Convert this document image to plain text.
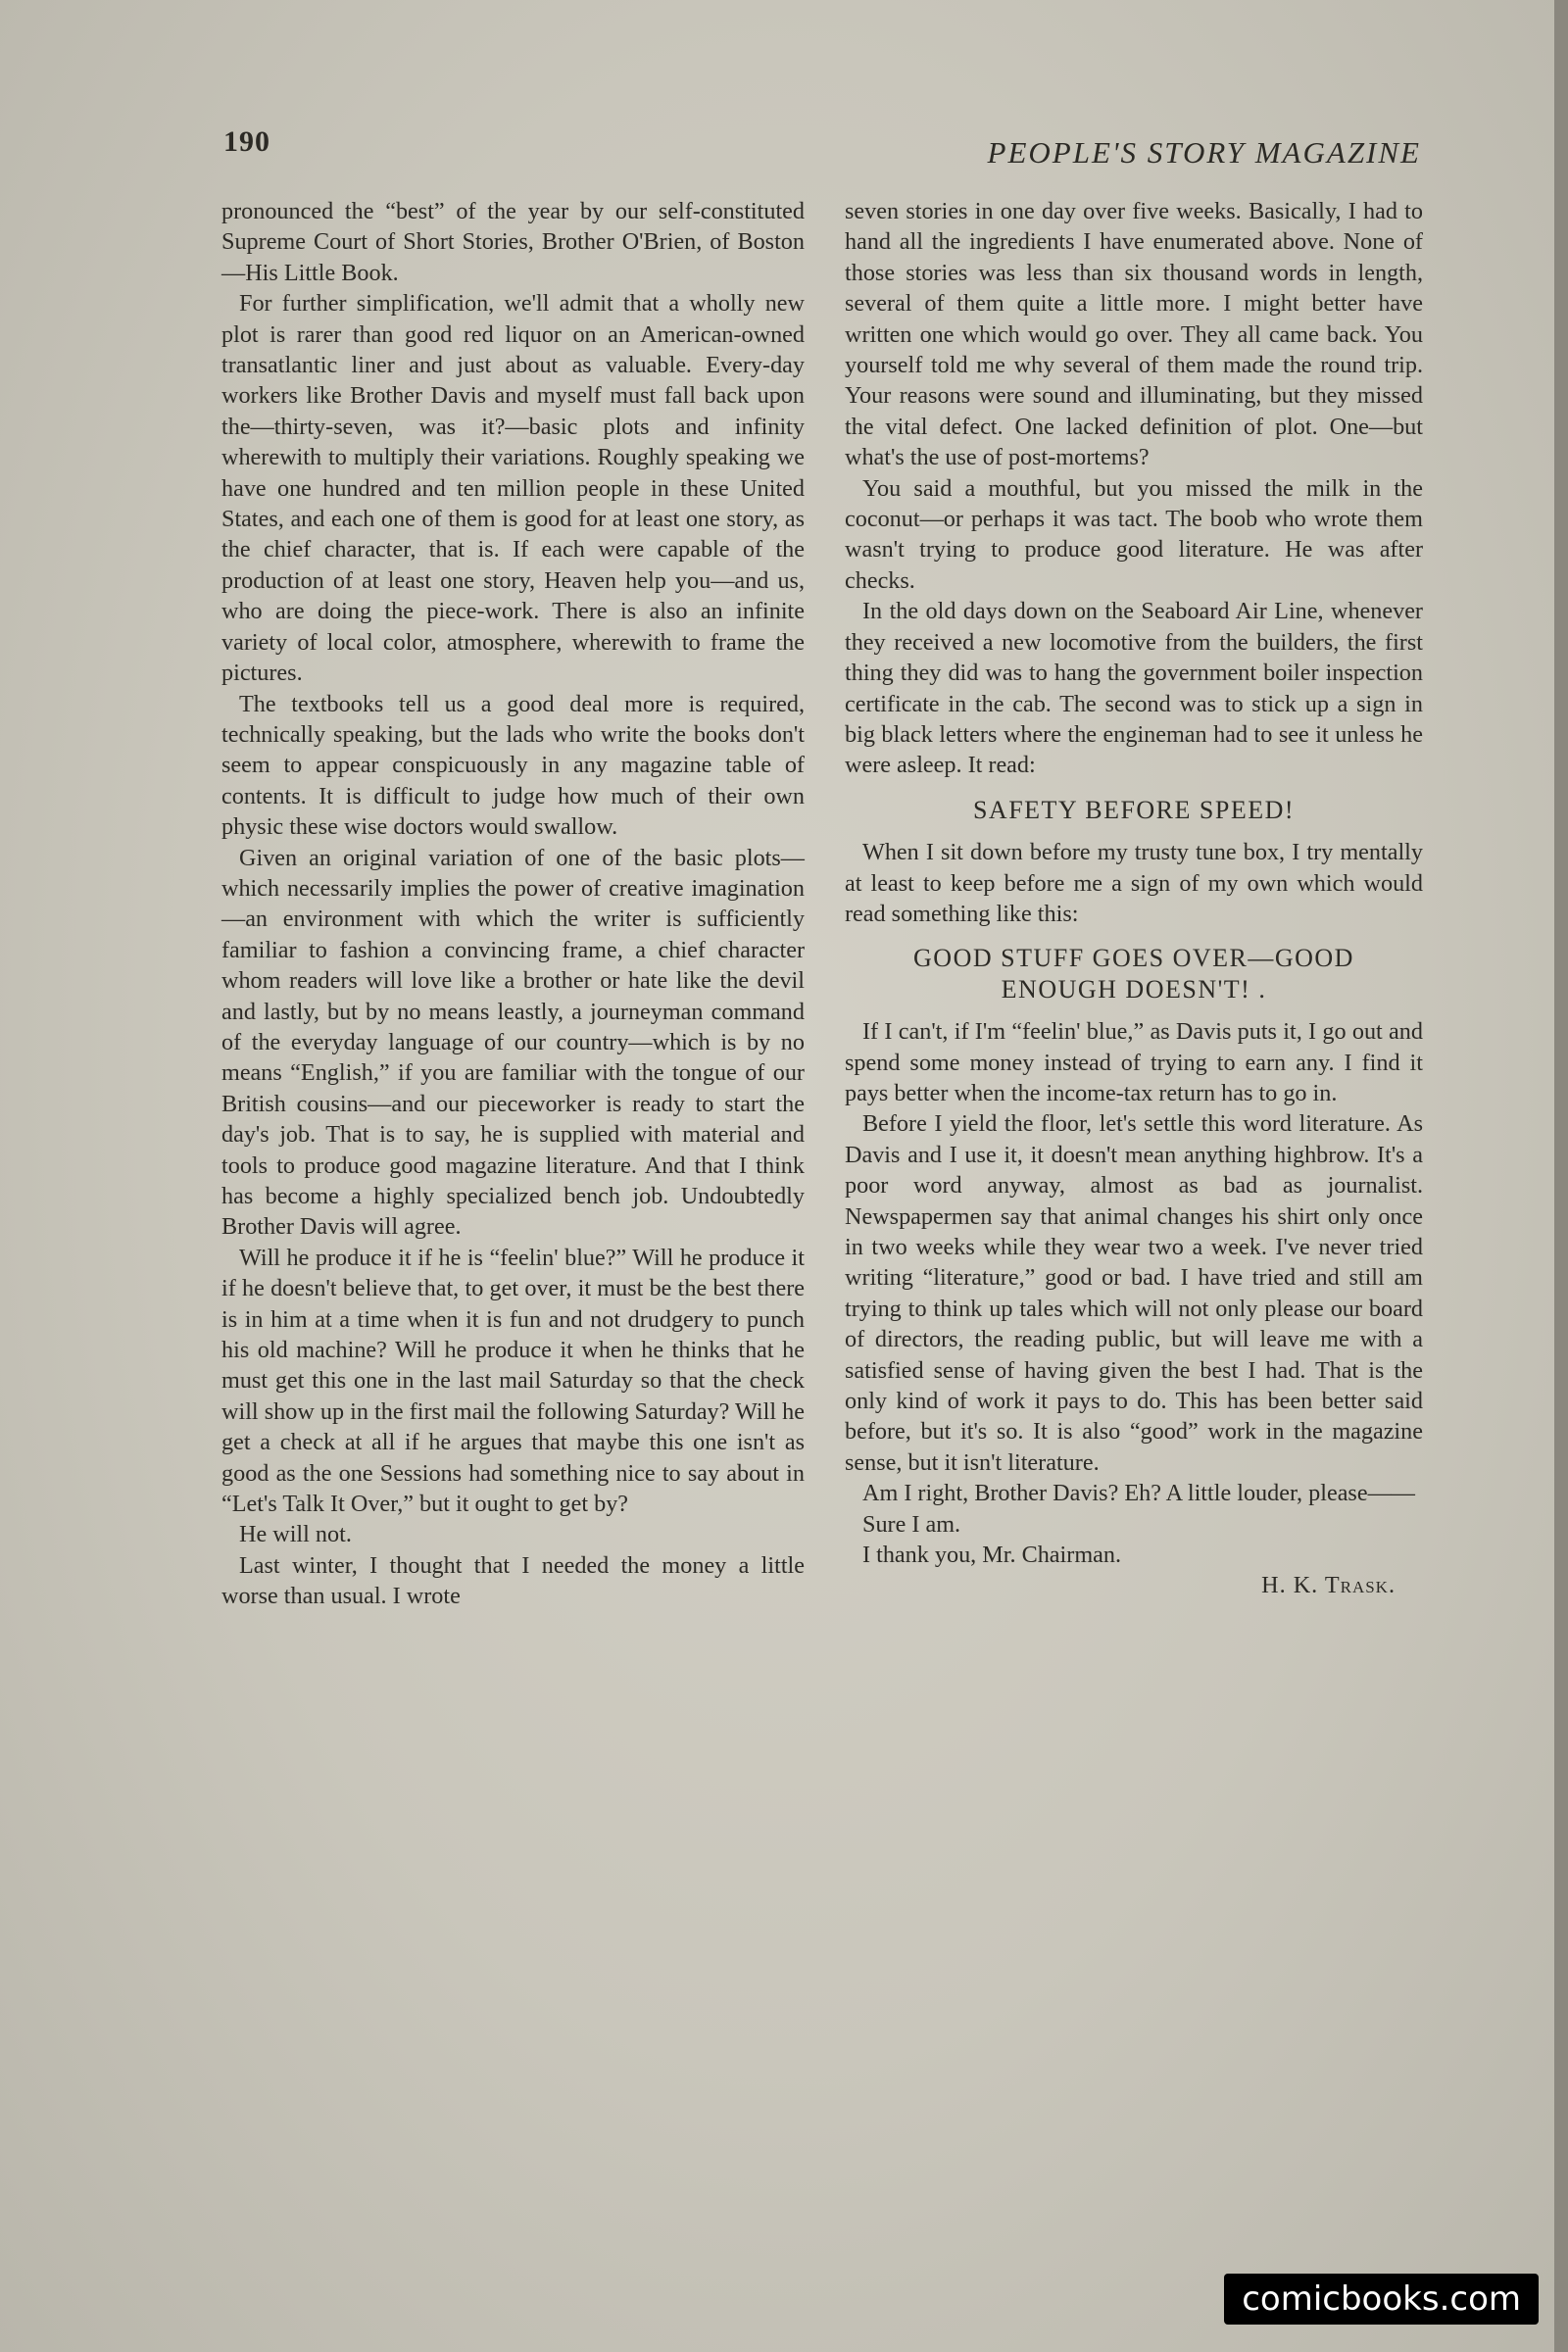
190	PEOPLE'S STORY MAGAZINE

pronounced the “best” of the year by our self-constituted Supreme Court of Short Stories, Brother O'Brien, of Boston—His Little Book.

For further simplification, we'll admit that a wholly new plot is rarer than good red liquor on an American-owned transatlantic liner and just about as valuable. Every-day workers like Brother Davis and myself must fall back upon the—thirty-seven, was it?—basic plots and infinity wherewith to multiply their variations. Roughly speaking we have one hundred and ten million people in these United States, and each one of them is good for at least one story, as the chief character, that is. If each were capable of the production of at least one story, Heaven help you—and us, who are doing the piece-work. There is also an infinite variety of local color, atmosphere, wherewith to frame the pictures.

The textbooks tell us a good deal more is required, technically speaking, but the lads who write the books don't seem to appear conspicuously in any magazine table of contents. It is difficult to judge how much of their own physic these wise doctors would swallow.

Given an original variation of one of the basic plots—which necessarily implies the power of creative imagination—an environment with which the writer is sufficiently familiar to fashion a convincing frame, a chief character whom readers will love like a brother or hate like the devil and lastly, but by no means leastly, a journeyman command of the everyday language of our country—which is by no means “English,” if you are familiar with the tongue of our British cousins—and our pieceworker is ready to start the day's job. That is to say, he is supplied with material and tools to produce good magazine literature. And that I think has become a highly specialized bench job. Undoubtedly Brother Davis will agree.

Will he produce it if he is “feelin' blue?” Will he produce it if he doesn't believe that, to get over, it must be the best there is in him at a time when it is fun and not drudgery to punch his old machine? Will he produce it when he thinks that he must get this one in the last mail Saturday so that the check will show up in the first mail the following Saturday? Will he get a check at all if he argues that maybe this one isn't as good as the one Sessions had something nice to say about in “Let's Talk It Over,” but it ought to get by?

He will not.

Last winter, I thought that I needed the money a little worse than usual. I wrote

seven stories in one day over five weeks. Basically, I had to hand all the ingredients I have enumerated above. None of those stories was less than six thousand words in length, several of them quite a little more. I might better have written one which would go over. They all came back. You yourself told me why several of them made the round trip. Your reasons were sound and illuminating, but they missed the vital defect. One lacked definition of plot. One—but what's the use of post-mortems?

You said a mouthful, but you missed the milk in the coconut—or perhaps it was tact. The boob who wrote them wasn't trying to produce good literature. He was after checks.

In the old days down on the Seaboard Air Line, whenever they received a new locomotive from the builders, the first thing they did was to hang the government boiler inspection certificate in the cab. The second was to stick up a sign in big black letters where the engineman had to see it unless he were asleep. It read:

SAFETY BEFORE SPEED!

When I sit down before my trusty tune box, I try mentally at least to keep before me a sign of my own which would read something like this:

GOOD STUFF GOES OVER—GOOD
ENOUGH DOESN'T! .

If I can't, if I'm “feelin' blue,” as Davis puts it, I go out and spend some money instead of trying to earn any. I find it pays better when the income-tax return has to go in.

Before I yield the floor, let's settle this word literature. As Davis and I use it, it doesn't mean anything highbrow. It's a poor word anyway, almost as bad as journalist. Newspapermen say that animal changes his shirt only once in two weeks while they wear two a week. I've never tried writing “literature,” good or bad. I have tried and still am trying to think up tales which will not only please our board of directors, the reading public, but will leave me with a satisfied sense of having given the best I had. That is the only kind of work it pays to do. This has been better said before, but it's so. It is also “good” work in the magazine sense, but it isn't literature.

Am I right, Brother Davis? Eh? A little louder, please——

Sure I am.

I thank you, Mr. Chairman.

H. K. Trask.

comicbooks.com
